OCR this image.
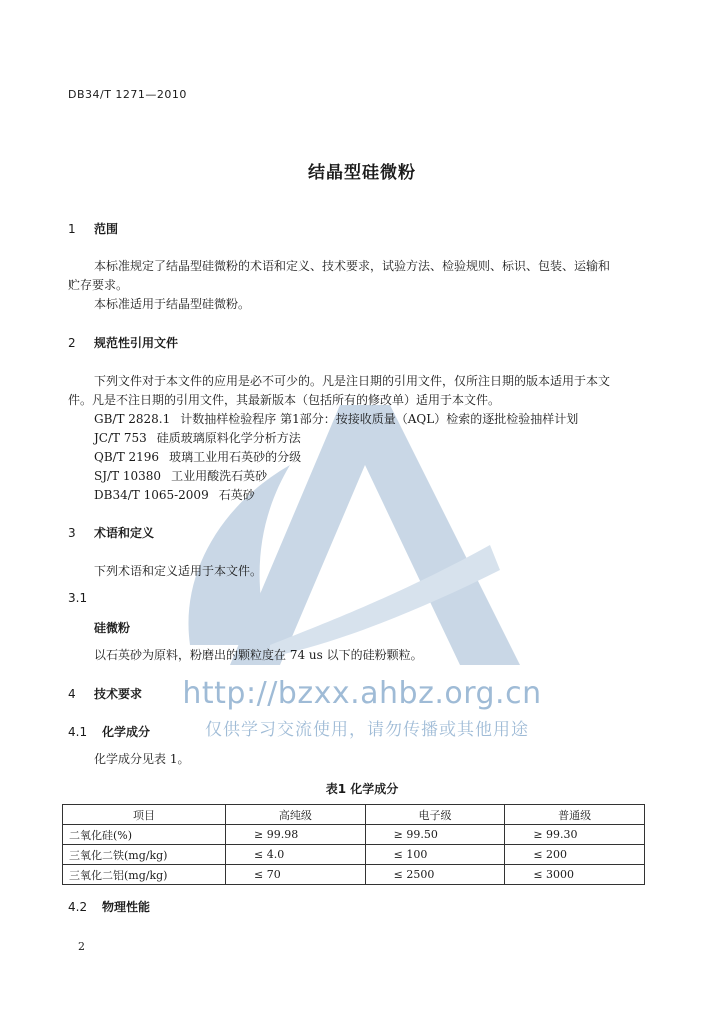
DB34/T 1271—2010
结晶型硅微粉
1 范围
本标准规定了结晶型硅微粉的术语和定义、技术要求，试验方法、检验规则、标识、包装、运输和
贮存要求。
本标准适用于结晶型硅微粉。
2 规范性引用文件
下列文件对于本文件的应用是必不可少的。凡是注日期的引用文件，仅所注日期的版本适用于本文
件。凡是不注日期的引用文件，其最新版本（包括所有的修改单）适用于本文件。
GB/T 2828.1 计数抽样检验程序 第1部分：按接收质量（AQL）检索的逐批检验抽样计划
JC/T 753 硅质玻璃原料化学分析方法
QB/T 2196 玻璃工业用石英砂的分级
SJ/T 10380 工业用酸洗石英砂
DB34/T 1065-2009 石英砂
3 术语和定义
下列术语和定义适用于本文件。
3.1
硅微粉
以石英砂为原料，粉磨出的颗粒度在 74 us 以下的硅粉颗粒。
4 技术要求
4.1 化学成分
化学成分见表 1。
表1 化学成分
项目	高纯级	电子级	普通级
二氧化硅(%)	≥ 99.98	≥ 99.50	≥ 99.30
三氧化二铁(mg/kg)	≤ 4.0	≤ 100	≤ 200
三氧化二铝(mg/kg)	≤ 70	≤ 2500	≤ 3000
4.2 物理性能
http://bzxx.ahbz.org.cn
仅供学习交流使用，请勿传播或其他用途
2
